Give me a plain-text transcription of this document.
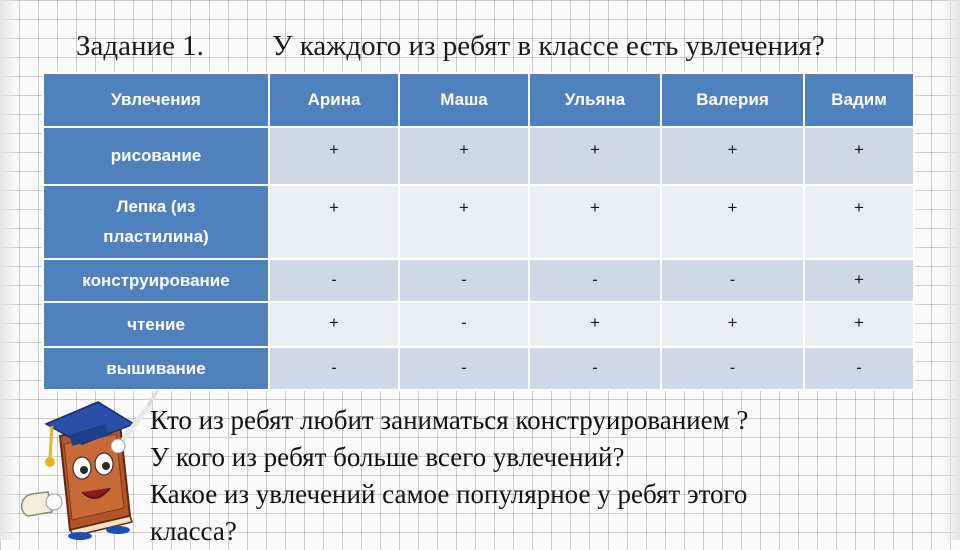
Задание 1. У каждого из ребят в классе есть увлечения?
Увлечения	Арина	Маша	Ульяна	Валерия	Вадим
рисование	+	+	+	+	+
Лепка (из
пластилина)	+	+	+	+	+
конструирование	-	-	-	-	+
чтение	+	-	+	+	+
вышивание	-	-	-	-	-
Кто из ребят любит заниматься конструированием ?
У кого из ребят больше всего увлечений?
Какое из увлечений самое популярное у ребят этого
класса?
